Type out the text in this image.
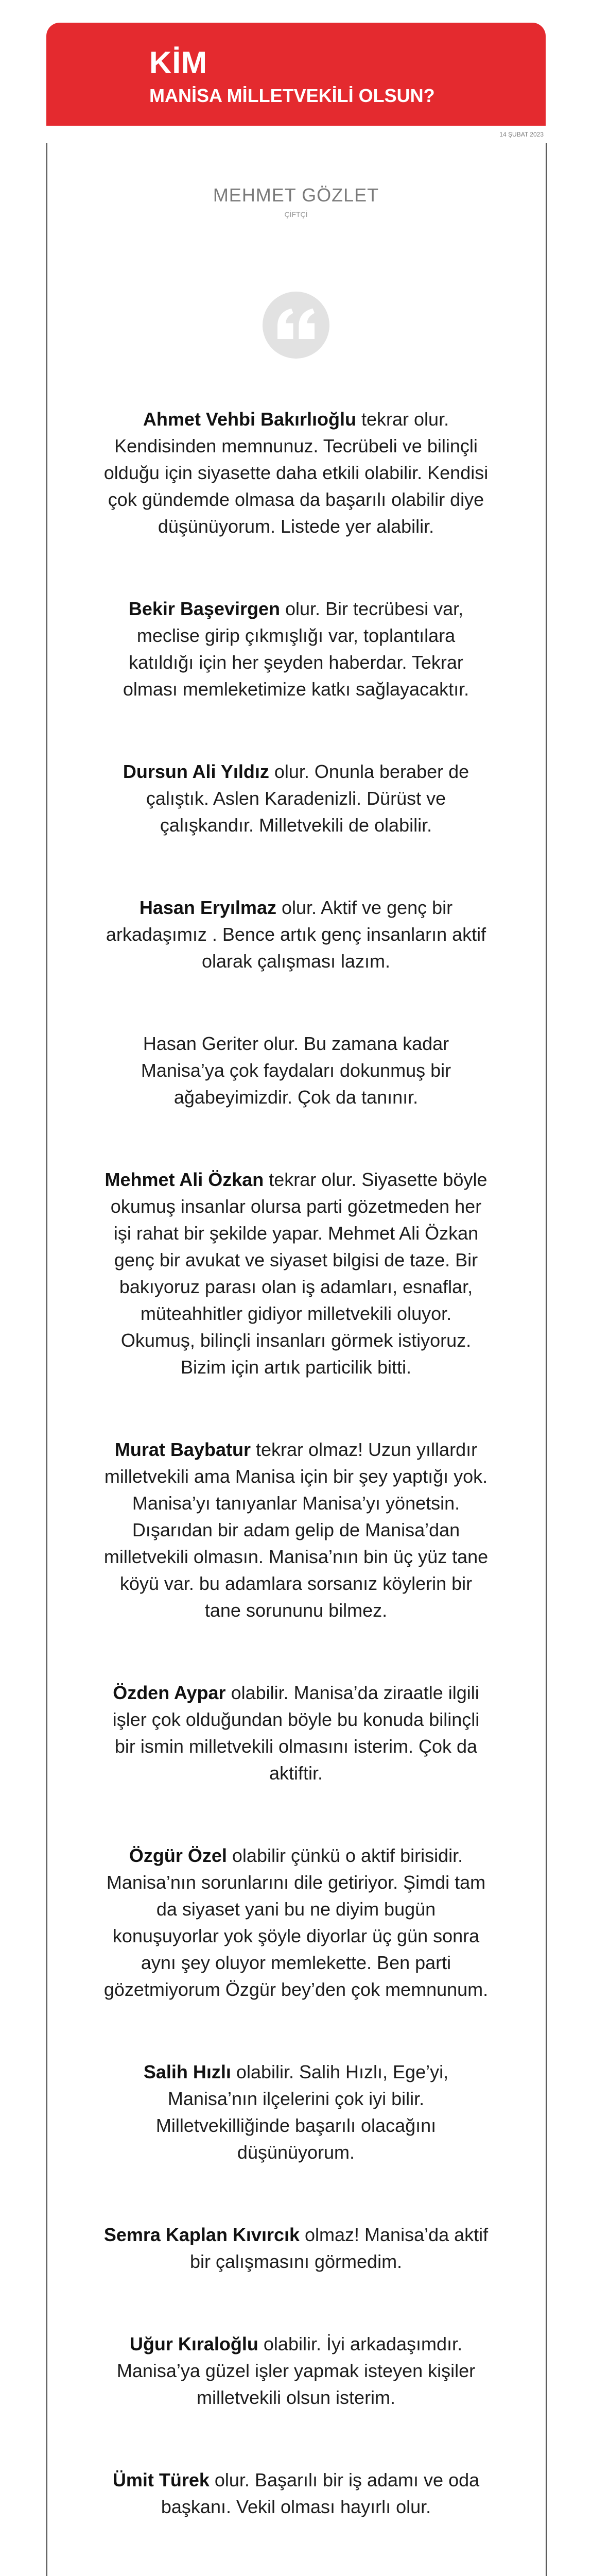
KİM
MANİSA MİLLETVEKİLİ OLSUN?
14 ŞUBAT 2023
MEHMET GÖZLET
ÇİFTÇİ

Ahmet Vehbi Bakırlıoğlu tekrar olur. Kendisinden memnunuz. Tecrübeli ve bilinçli olduğu için siyasette daha etkili olabilir. Kendisi çok gündemde olmasa da başarılı olabilir diye düşünüyorum. Listede yer alabilir.

Bekir Başevirgen olur. Bir tecrübesi var, meclise girip çıkmışlığı var, toplantılara katıldığı için her şeyden haberdar. Tekrar olması memleketimize katkı sağlayacaktır.

Dursun Ali Yıldız olur. Onunla beraber de çalıştık. Aslen Karadenizli. Dürüst ve çalışkandır. Milletvekili de olabilir.

Hasan Eryılmaz olur. Aktif ve genç bir arkadaşımız . Bence artık genç insanların aktif olarak çalışması lazım.

Hasan Geriter olur. Bu zamana kadar Manisa’ya çok faydaları dokunmuş bir ağabeyimizdir. Çok da tanınır.

Mehmet Ali Özkan tekrar olur. Siyasette böyle okumuş insanlar olursa parti gözetmeden her işi rahat bir şekilde yapar. Mehmet Ali Özkan genç bir avukat ve siyaset bilgisi de taze. Bir bakıyoruz parası olan iş adamları, esnaflar, müteahhitler gidiyor milletvekili oluyor. Okumuş, bilinçli insanları görmek istiyoruz. Bizim için artık particilik bitti.

Murat Baybatur tekrar olmaz! Uzun yıllardır milletvekili ama Manisa için bir şey yaptığı yok. Manisa’yı tanıyanlar Manisa’yı yönetsin. Dışarıdan bir adam gelip de Manisa’dan milletvekili olmasın. Manisa’nın bin üç yüz tane köyü var. bu adamlara sorsanız köylerin bir tane sorununu bilmez.

Özden Aypar olabilir. Manisa’da ziraatle ilgili işler çok olduğundan böyle bu konuda bilinçli bir ismin milletvekili olmasını isterim. Çok da aktiftir.

Özgür Özel olabilir çünkü o aktif birisidir. Manisa’nın sorunlarını dile getiriyor. Şimdi tam da siyaset yani bu ne diyim bugün konuşuyorlar yok şöyle diyorlar üç gün sonra aynı şey oluyor memlekette. Ben parti gözetmiyorum Özgür bey’den çok memnunum.

Salih Hızlı olabilir. Salih Hızlı, Ege’yi, Manisa’nın ilçelerini çok iyi bilir. Milletvekilliğinde başarılı olacağını düşünüyorum.

Semra Kaplan Kıvırcık olmaz! Manisa’da aktif bir çalışmasını görmedim.

Uğur Kıraloğlu olabilir. İyi arkadaşımdır. Manisa’ya güzel işler yapmak isteyen kişiler milletvekili olsun isterim.

Ümit Türek olur. Başarılı bir iş adamı ve oda başkanı. Vekil olması hayırlı olur.
